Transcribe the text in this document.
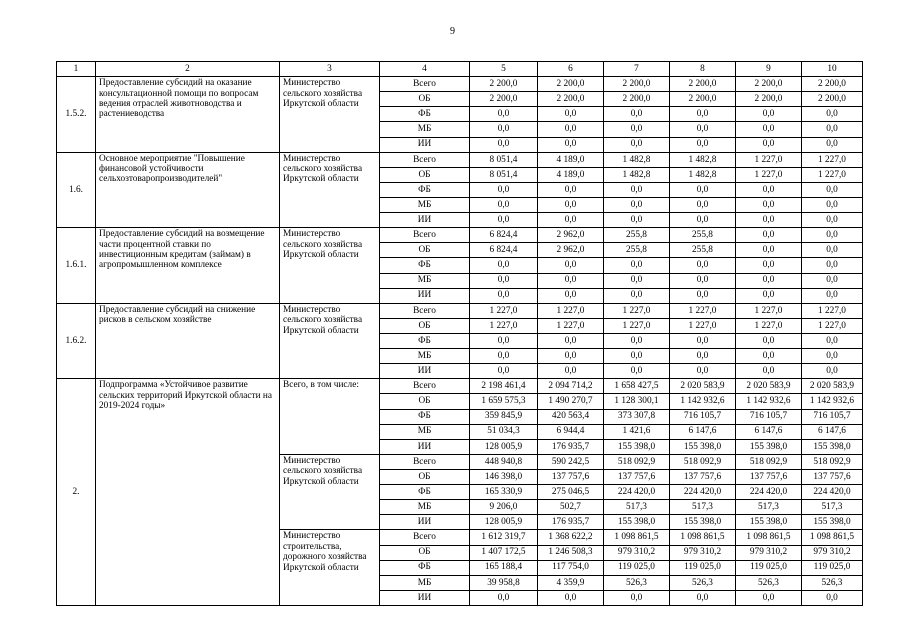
9
1	2	3	4	5	6	7	8	9	10
1.5.2.	Предоставление субсидий на оказание консультационной помощи по вопросам ведения отраслей животноводства и растениеводства	Министерство сельского хозяйства Иркутской области	Всего	2 200,0	2 200,0	2 200,0	2 200,0	2 200,0	2 200,0
			ОБ	2 200,0	2 200,0	2 200,0	2 200,0	2 200,0	2 200,0
			ФБ	0,0	0,0	0,0	0,0	0,0	0,0
			МБ	0,0	0,0	0,0	0,0	0,0	0,0
			ИИ	0,0	0,0	0,0	0,0	0,0	0,0
1.6.	Основное мероприятие "Повышение финансовой устойчивости сельхозтоваропроизводителей"	Министерство сельского хозяйства Иркутской области	Всего	8 051,4	4 189,0	1 482,8	1 482,8	1 227,0	1 227,0
			ОБ	8 051,4	4 189,0	1 482,8	1 482,8	1 227,0	1 227,0
			ФБ	0,0	0,0	0,0	0,0	0,0	0,0
			МБ	0,0	0,0	0,0	0,0	0,0	0,0
			ИИ	0,0	0,0	0,0	0,0	0,0	0,0
1.6.1.	Предоставление субсидий на возмещение части процентной ставки по инвестиционным кредитам (займам) в агропромышленном комплексе	Министерство сельского хозяйства Иркутской области	Всего	6 824,4	2 962,0	255,8	255,8	0,0	0,0
			ОБ	6 824,4	2 962,0	255,8	255,8	0,0	0,0
			ФБ	0,0	0,0	0,0	0,0	0,0	0,0
			МБ	0,0	0,0	0,0	0,0	0,0	0,0
			ИИ	0,0	0,0	0,0	0,0	0,0	0,0
1.6.2.	Предоставление субсидий на снижение рисков в сельском хозяйстве	Министерство сельского хозяйства Иркутской области	Всего	1 227,0	1 227,0	1 227,0	1 227,0	1 227,0	1 227,0
			ОБ	1 227,0	1 227,0	1 227,0	1 227,0	1 227,0	1 227,0
			ФБ	0,0	0,0	0,0	0,0	0,0	0,0
			МБ	0,0	0,0	0,0	0,0	0,0	0,0
			ИИ	0,0	0,0	0,0	0,0	0,0	0,0
2.	Подпрограмма «Устойчивое развитие сельских территорий Иркутской области на 2019-2024 годы»	Всего, в том числе:	Всего	2 198 461,4	2 094 714,2	1 658 427,5	2 020 583,9	2 020 583,9	2 020 583,9
			ОБ	1 659 575,3	1 490 270,7	1 128 300,1	1 142 932,6	1 142 932,6	1 142 932,6
			ФБ	359 845,9	420 563,4	373 307,8	716 105,7	716 105,7	716 105,7
			МБ	51 034,3	6 944,4	1 421,6	6 147,6	6 147,6	6 147,6
			ИИ	128 005,9	176 935,7	155 398,0	155 398,0	155 398,0	155 398,0
		Министерство сельского хозяйства Иркутской области	Всего	448 940,8	590 242,5	518 092,9	518 092,9	518 092,9	518 092,9
			ОБ	146 398,0	137 757,6	137 757,6	137 757,6	137 757,6	137 757,6
			ФБ	165 330,9	275 046,5	224 420,0	224 420,0	224 420,0	224 420,0
			МБ	9 206,0	502,7	517,3	517,3	517,3	517,3
			ИИ	128 005,9	176 935,7	155 398,0	155 398,0	155 398,0	155 398,0
		Министерство строительства, дорожного хозяйства Иркутской области	Всего	1 612 319,7	1 368 622,2	1 098 861,5	1 098 861,5	1 098 861,5	1 098 861,5
			ОБ	1 407 172,5	1 246 508,3	979 310,2	979 310,2	979 310,2	979 310,2
			ФБ	165 188,4	117 754,0	119 025,0	119 025,0	119 025,0	119 025,0
			МБ	39 958,8	4 359,9	526,3	526,3	526,3	526,3
			ИИ	0,0	0,0	0,0	0,0	0,0	0,0
